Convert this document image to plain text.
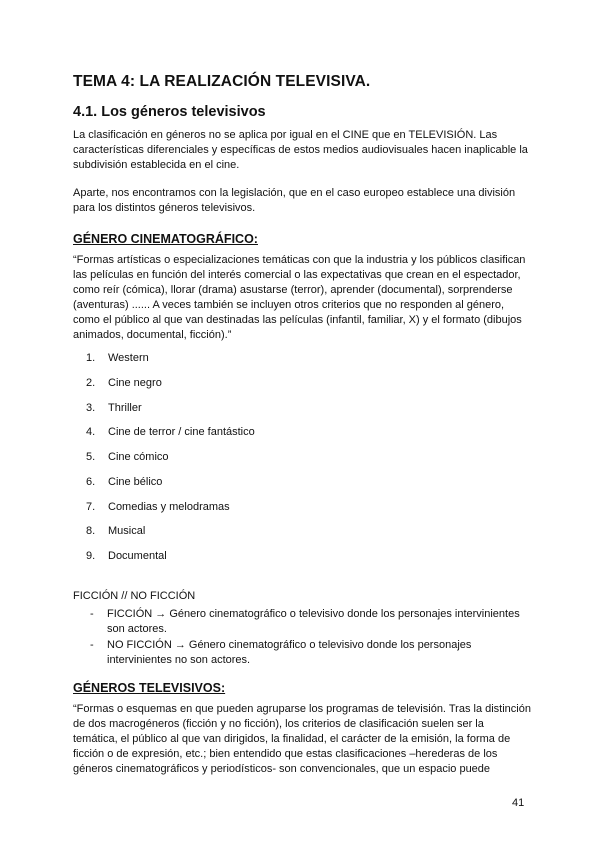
TEMA 4: LA REALIZACIÓN TELEVISIVA.
4.1. Los géneros televisivos

La clasificación en géneros no se aplica por igual en el CINE que en TELEVISIÓN. Las características diferenciales y específicas de estos medios audiovisuales hacen inaplicable la subdivisión establecida en el cine.

Aparte, nos encontramos con la legislación, que en el caso europeo establece una división para los distintos géneros televisivos.

GÉNERO CINEMATOGRÁFICO:

“Formas artísticas o especializaciones temáticas con que la industria y los públicos clasifican las películas en función del interés comercial o las expectativas que crean en el espectador, como reír (cómica), llorar (drama) asustarse (terror), aprender (documental), sorprenderse (aventuras) ...... A veces también se incluyen otros criterios que no responden al género, como el público al que van destinadas las películas (infantil, familiar, X) y el formato (dibujos animados, documental, ficción).”

1. Western
2. Cine negro
3. Thriller
4. Cine de terror / cine fantástico
5. Cine cómico
6. Cine bélico
7. Comedias y melodramas
8. Musical
9. Documental
FICCIÓN // NO FICCIÓN
- FICCIÓN → Género cinematográfico o televisivo donde los personajes intervinientes son actores.
- NO FICCIÓN → Género cinematográfico o televisivo donde los personajes intervinientes no son actores.
GÉNEROS TELEVISIVOS:

“Formas o esquemas en que pueden agruparse los programas de televisión. Tras la distinción de dos macrogéneros (ficción y no ficción), los criterios de clasificación suelen ser la temática, el público al que van dirigidos, la finalidad, el carácter de la emisión, la forma de ficción o de expresión, etc.; bien entendido que estas clasificaciones –herederas de los géneros cinematográficos y periodísticos- son convencionales, que un espacio puede

41
